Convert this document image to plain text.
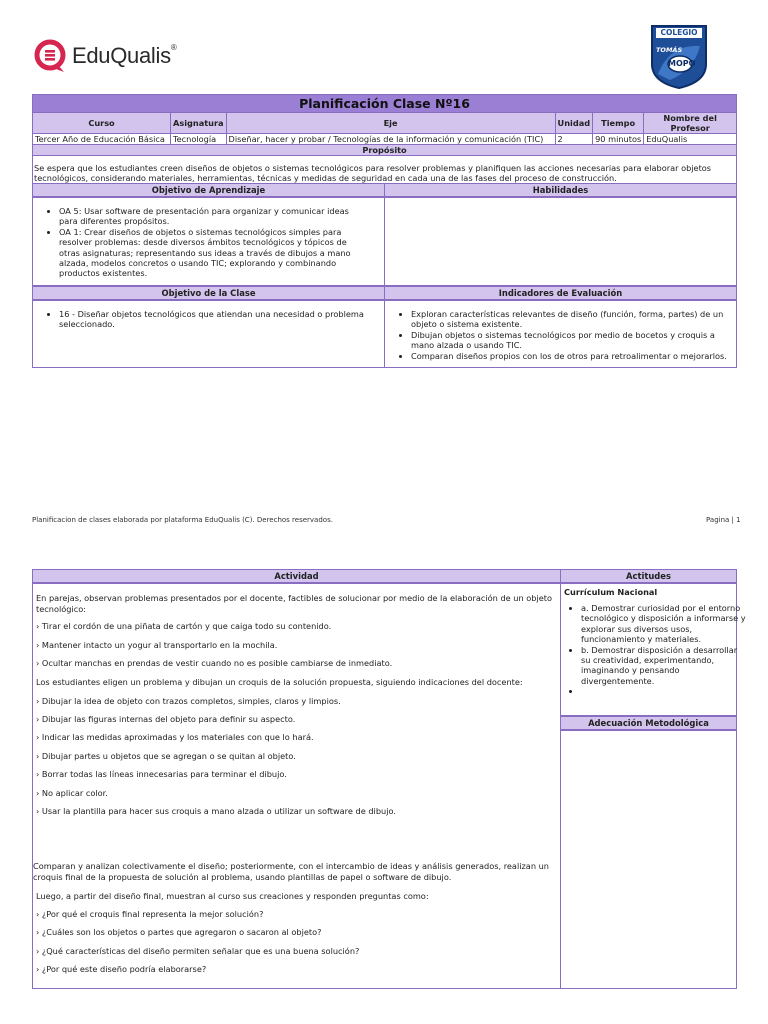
EduQualis®
COLEGIO
TOMÁS
MOPO
Planificación Clase Nº16					
Curso	Asignatura	Eje	Unidad	Tiempo	Nombre del Profesor
Tercer Año de Educación Básica	Tecnología	Diseñar, hacer y probar / Tecnologías de la información y comunicación (TIC)	2	90 minutos	EduQualis
Propósito					
Se espera que los estudiantes creen diseños de objetos o sistemas tecnológicos para resolver problemas y planifiquen las acciones necesarias para elaborar objetos tecnológicos, considerando materiales, herramientas, técnicas y medidas de seguridad en cada una de las fases del proceso de construcción.					
Objetivo de Aprendizaje	Habilidades
• OA 5: Usar software de presentación para organizar y comunicar ideas para diferentes propósitos.
• OA 1: Crear diseños de objetos o sistemas tecnológicos simples para resolver problemas: desde diversos ámbitos tecnológicos y tópicos de otras asignaturas; representando sus ideas a través de dibujos a mano alzada, modelos concretos o usando TIC; explorando y combinando productos existentes.
Objetivo de la Clase	Indicadores de Evaluación
• 16 - Diseñar objetos tecnológicos que atiendan una necesidad o problema seleccionado.
• Exploran características relevantes de diseño (función, forma, partes) de un objeto o sistema existente.
• Dibujan objetos o sistemas tecnológicos por medio de bocetos y croquis a mano alzada o usando TIC.
• Comparan diseños propios con los de otros para retroalimentar o mejorarlos.
Planificacion de clases elaborada por plataforma EduQualis (C). Derechos reservados.	Pagina | 1
Actividad	Actitudes

En parejas, observan problemas presentados por el docente, factibles de solucionar por medio de la elaboración de un objeto tecnológico:

› Tirar el cordón de una piñata de cartón y que caiga todo su contenido.

› Mantener intacto un yogur al transportarlo en la mochila.

› Ocultar manchas en prendas de vestir cuando no es posible cambiarse de inmediato.

Los estudiantes eligen un problema y dibujan un croquis de la solución propuesta, siguiendo indicaciones del docente:

› Dibujar la idea de objeto con trazos completos, simples, claros y limpios.

› Dibujar las figuras internas del objeto para definir su aspecto.

› Indicar las medidas aproximadas y los materiales con que lo hará.

› Dibujar partes u objetos que se agregan o se quitan al objeto.

› Borrar todas las líneas innecesarias para terminar el dibujo.

› No aplicar color.

› Usar la plantilla para hacer sus croquis a mano alzada o utilizar un software de dibujo.

Comparan y analizan colectivamente el diseño; posteriormente, con el intercambio de ideas y análisis generados, realizan un croquis final de la propuesta de solución al problema, usando plantillas de papel o software de dibujo.

Luego, a partir del diseño final, muestran al curso sus creaciones y responden preguntas como:

› ¿Por qué el croquis final representa la mejor solución?

› ¿Cuáles son los objetos o partes que agregaron o sacaron al objeto?

› ¿Qué características del diseño permiten señalar que es una buena solución?

› ¿Por qué este diseño podría elaborarse?

Currículum Nacional
• a. Demostrar curiosidad por el entorno tecnológico y disposición a informarse y explorar sus diversos usos, funcionamiento y materiales.
• b. Demostrar disposición a desarrollar su creatividad, experimentando, imaginando y pensando divergentemente.
•
Adecuación Metodológica
